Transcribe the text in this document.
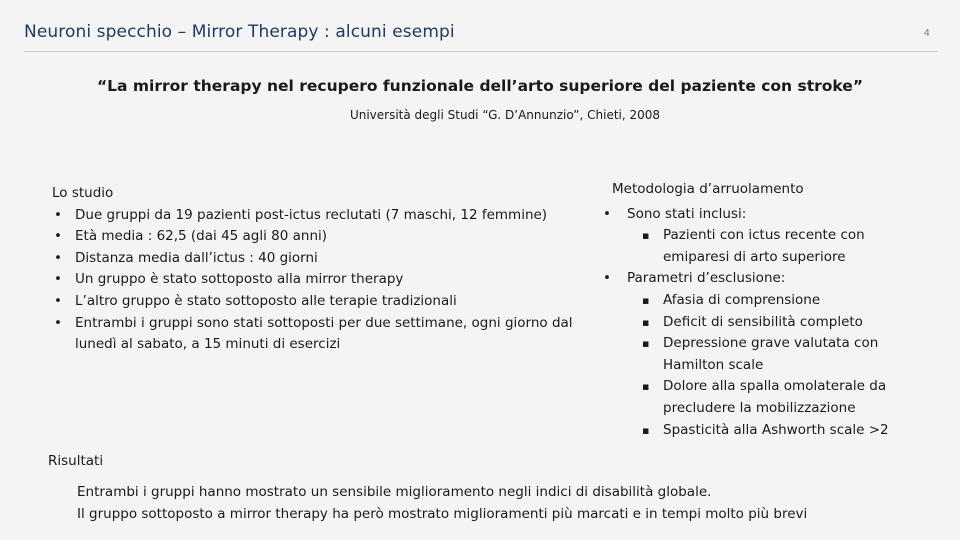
Neuroni specchio – Mirror Therapy : alcuni esempi	4
“La mirror therapy nel recupero funzionale dell’arto superiore del paziente con stroke”
Università degli Studi “G. D’Annunzio”, Chieti, 2008
Lo studio
• Due gruppi da 19 pazienti post-ictus reclutati (7 maschi, 12 femmine)
• Età media : 62,5 (dai 45 agli 80 anni)
• Distanza media dall’ictus : 40 giorni
• Un gruppo è stato sottoposto alla mirror therapy
• L’altro gruppo è stato sottoposto alle terapie tradizionali
• Entrambi i gruppi sono stati sottoposti per due settimane, ogni giorno dal lunedì al sabato, a 15 minuti di esercizi
Metodologia d’arruolamento
• Sono stati inclusi:
▪ Pazienti con ictus recente con emiparesi di arto superiore
• Parametri d’esclusione:
▪ Afasia di comprensione
▪ Deficit di sensibilità completo
▪ Depressione grave valutata con Hamilton scale
▪ Dolore alla spalla omolaterale da precludere la mobilizzazione
▪ Spasticità alla Ashworth scale >2
Risultati
Entrambi i gruppi hanno mostrato un sensibile miglioramento negli indici di disabilità globale.
Il gruppo sottoposto a mirror therapy ha però mostrato miglioramenti più marcati e in tempi molto più brevi
